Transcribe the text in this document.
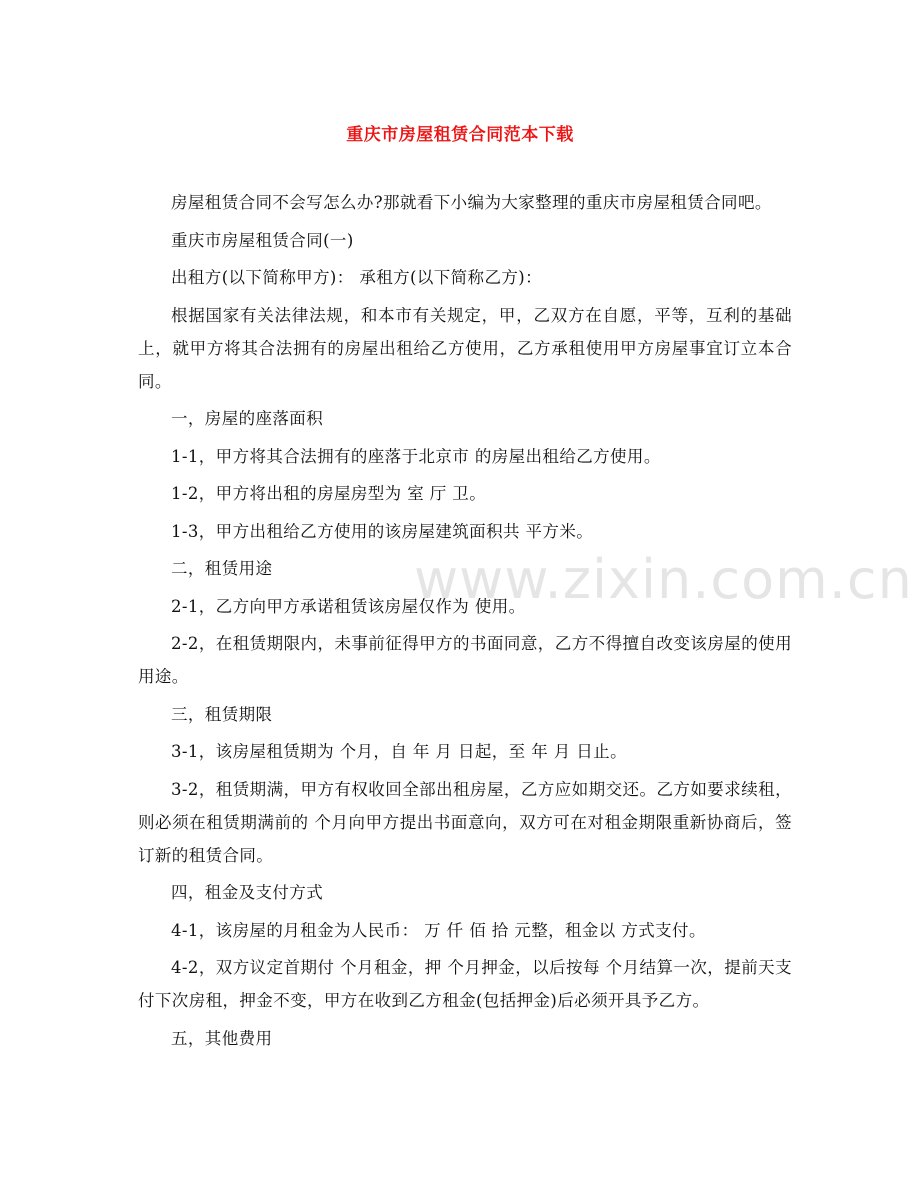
重庆市房屋租赁合同范本下载
www.zixin.com.cn

房屋租赁合同不会写怎么办?那就看下小编为大家整理的重庆市房屋租赁合同吧。

重庆市房屋租赁合同(一)

出租方(以下简称甲方)： 承租方(以下简称乙方)：

根据国家有关法律法规，和本市有关规定，甲，乙双方在自愿，平等，互利的基础上，就甲方将其合法拥有的房屋出租给乙方使用，乙方承租使用甲方房屋事宜订立本合同。

一，房屋的座落面积

1-1，甲方将其合法拥有的座落于北京市 的房屋出租给乙方使用。

1-2，甲方将出租的房屋房型为 室 厅 卫。

1-3，甲方出租给乙方使用的该房屋建筑面积共 平方米。

二，租赁用途

2-1，乙方向甲方承诺租赁该房屋仅作为 使用。

2-2，在租赁期限内，未事前征得甲方的书面同意，乙方不得擅自改变该房屋的使用用途。

三，租赁期限

3-1，该房屋租赁期为 个月，自 年 月 日起，至 年 月 日止。

3-2，租赁期满，甲方有权收回全部出租房屋，乙方应如期交还。乙方如要求续租，则必须在租赁期满前的 个月向甲方提出书面意向，双方可在对租金期限重新协商后，签订新的租赁合同。

四，租金及支付方式

4-1，该房屋的月租金为人民币： 万 仟 佰 拾 元整，租金以 方式支付。

4-2，双方议定首期付 个月租金，押 个月押金，以后按每 个月结算一次，提前天支付下次房租，押金不变，甲方在收到乙方租金(包括押金)后必须开具予乙方。

五，其他费用
